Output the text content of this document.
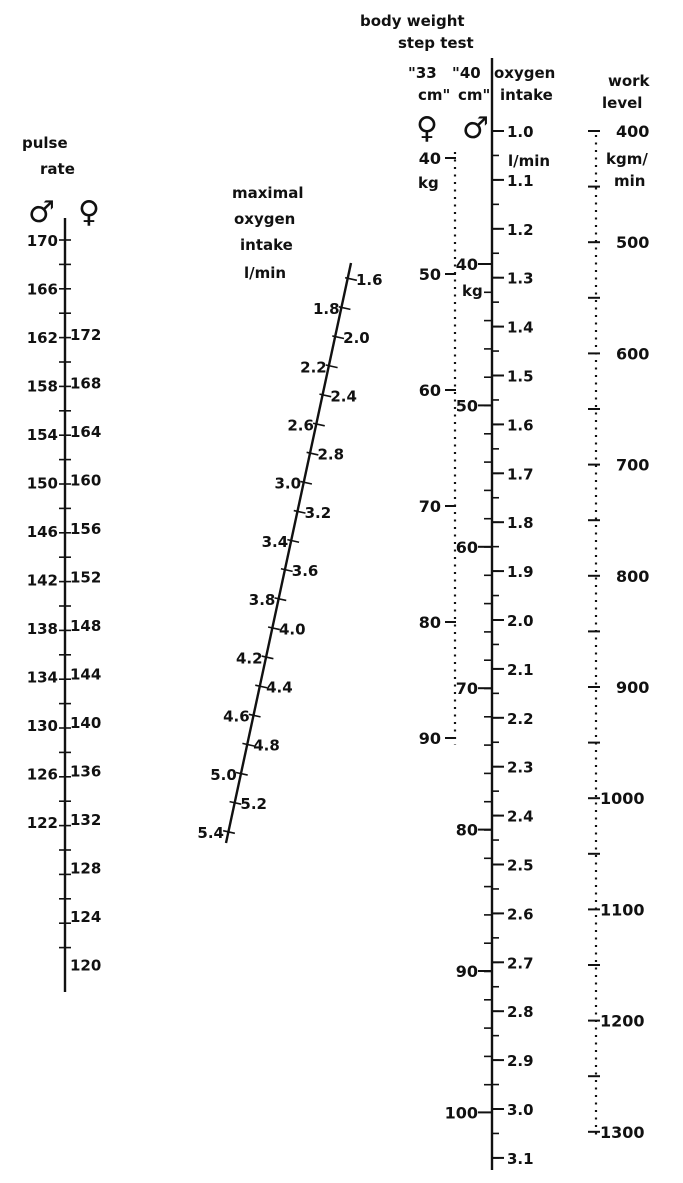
pulse
rate
♂ ♀
170
166
162
158
154
150
146
142
138
134
130
126
122
172
168
164
160
156
152
148
144
140
136
132
128
124
120
maximal
oxygen
intake
l/min	1.6
2.0
2.4
2.8
3.2
3.6
4.0
4.4
4.8
5.2
1.8
2.2
2.6
3.0
3.4
3.8
4.2
4.6
5.0
5.4
body weight
step test
"33 "40
cm" cm"
♀ ♂
40
50
60
70
80
90
kg
40
50
60
70
80
90
100
kg
1.0
1.1
1.2
1.3
1.4
1.5
1.6
1.7
1.8
1.9
2.0
2.1
2.2
2.3
2.4
2.5
2.6
2.7
2.8
2.9
3.0
3.1
oxygen
intake
l/min
work
level
kgm/
min
400
500
600
700
800
900
1000
1100
1200
1300
